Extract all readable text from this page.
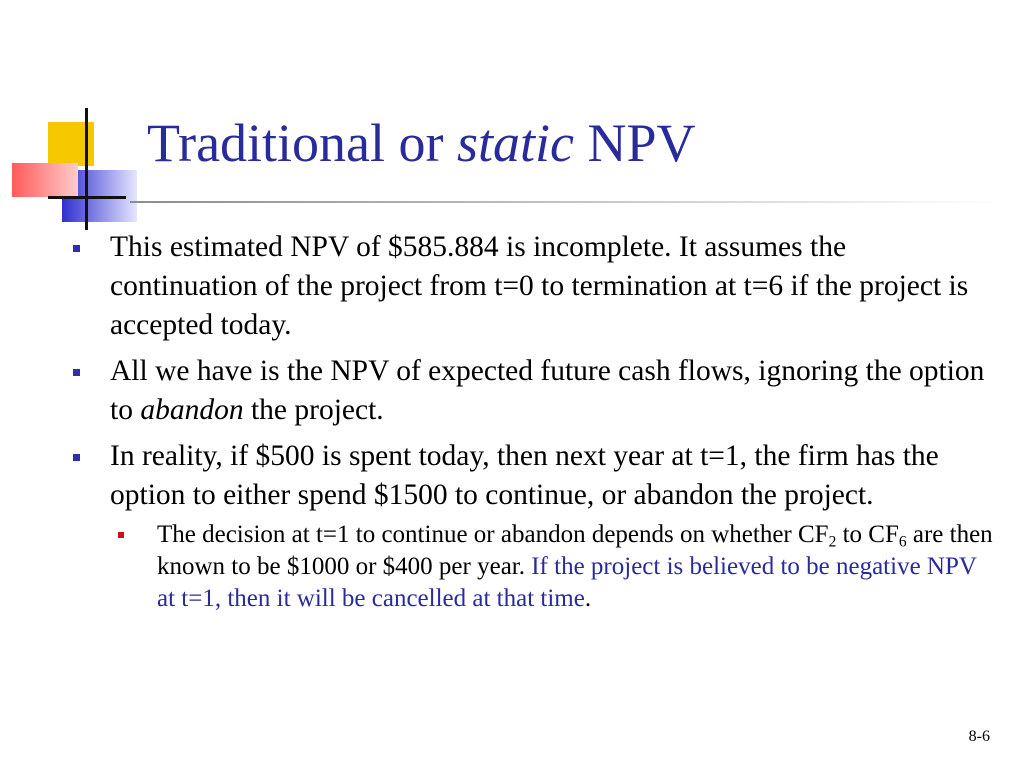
Traditional or static NPV
This estimated NPV of $585.884 is incomplete. It assumes the continuation of the project from t=0 to termination at t=6 if the project is accepted today.
All we have is the NPV of expected future cash flows, ignoring the option to abandon the project.
In reality, if $500 is spent today, then next year at t=1, the firm has the option to either spend $1500 to continue, or abandon the project.
The decision at t=1 to continue or abandon depends on whether $CF_2$ to $CF_6$ are then known to be $1000 or $400 per year. If the project is believed to be negative NPV at t=1, then it will be cancelled at that time.
8-6
